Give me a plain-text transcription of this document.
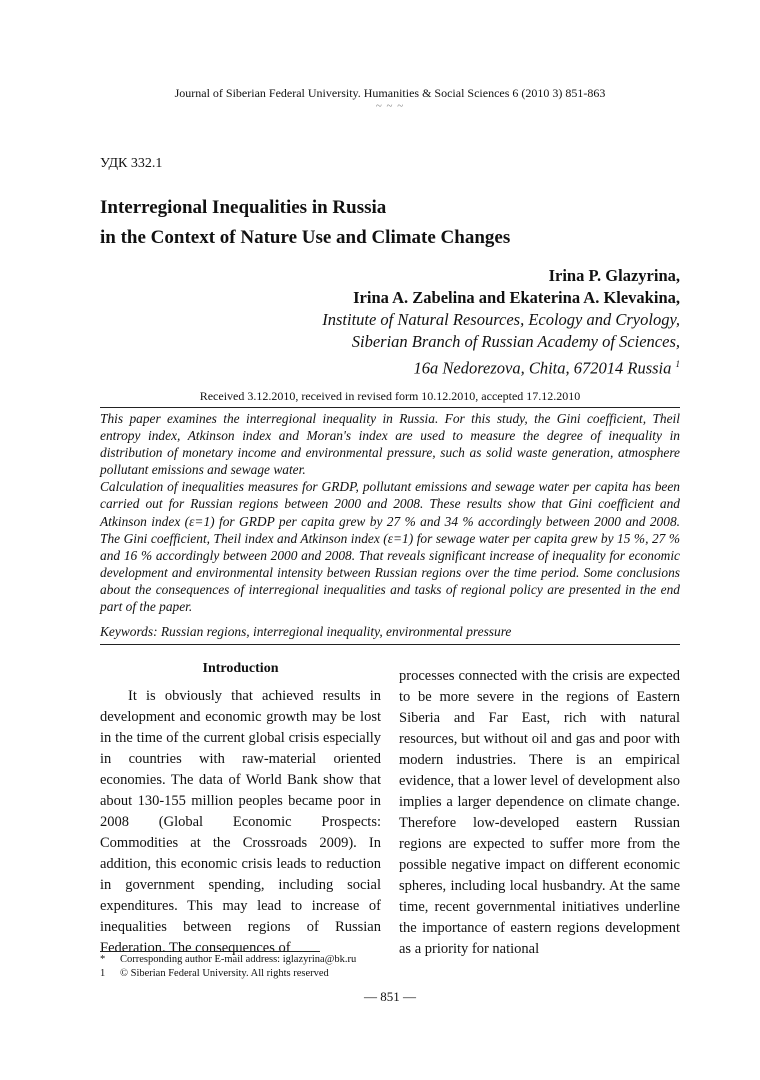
Journal of Siberian Federal University. Humanities & Social Sciences 6 (2010 3) 851-863
~ ~ ~
УДК 332.1
Interregional Inequalities in Russia
in the Context of Nature Use and Climate Changes
Irina P. Glazyrina,
Irina A. Zabelina and Ekaterina A. Klevakina,
Institute of Natural Resources, Ecology and Cryology,
Siberian Branch of Russian Academy of Sciences,
16a Nedorezova, Chita, 672014 Russia $^1$
Received 3.12.2010, received in revised form 10.12.2010, accepted 17.12.2010

This paper examines the interregional inequality in Russia. For this study, the Gini coefficient, Theil entropy index, Atkinson index and Moran's index are used to measure the degree of inequality in distribution of monetary income and environmental pressure, such as solid waste generation, atmosphere pollutant emissions and sewage water.

Calculation of inequalities measures for GRDP, pollutant emissions and sewage water per capita has been carried out for Russian regions between 2000 and 2008. These results show that Gini coefficient and Atkinson index (ε=1) for GRDP per capita grew by 27 % and 34 % accordingly between 2000 and 2008. The Gini coefficient, Theil index and Atkinson index (ε=1) for sewage water per capita grew by 15 %, 27 % and 16 % accordingly between 2000 and 2008. That reveals significant increase of inequality for economic development and environmental intensity between Russian regions over the time period. Some conclusions about the consequences of interregional inequalities and tasks of regional policy are presented in the end part of the paper.

Keywords: Russian regions, interregional inequality, environmental pressure
Introduction

It is obviously that achieved results in development and economic growth may be lost in the time of the current global crisis especially in countries with raw-material oriented economies. The data of World Bank show that about 130-155 million peoples became poor in 2008 (Global Economic Prospects: Commodities at the Crossroads 2009). In addition, this economic crisis leads to reduction in government spending, including social expenditures. This may lead to increase of inequalities between regions of Russian Federation. The consequences of

processes connected with the crisis are expected to be more severe in the regions of Eastern Siberia and Far East, rich with natural resources, but without oil and gas and poor with modern industries. There is an empirical evidence, that a lower level of development also implies a larger dependence on climate change. Therefore low-developed eastern Russian regions are expected to suffer more from the possible negative impact on different economic spheres, including local husbandry. At the same time, recent governmental initiatives underline the importance of eastern regions development as a priority for national

* Corresponding author E-mail address: iglazyrina@bk.ru
1 © Siberian Federal University. All rights reserved
— 851 —
